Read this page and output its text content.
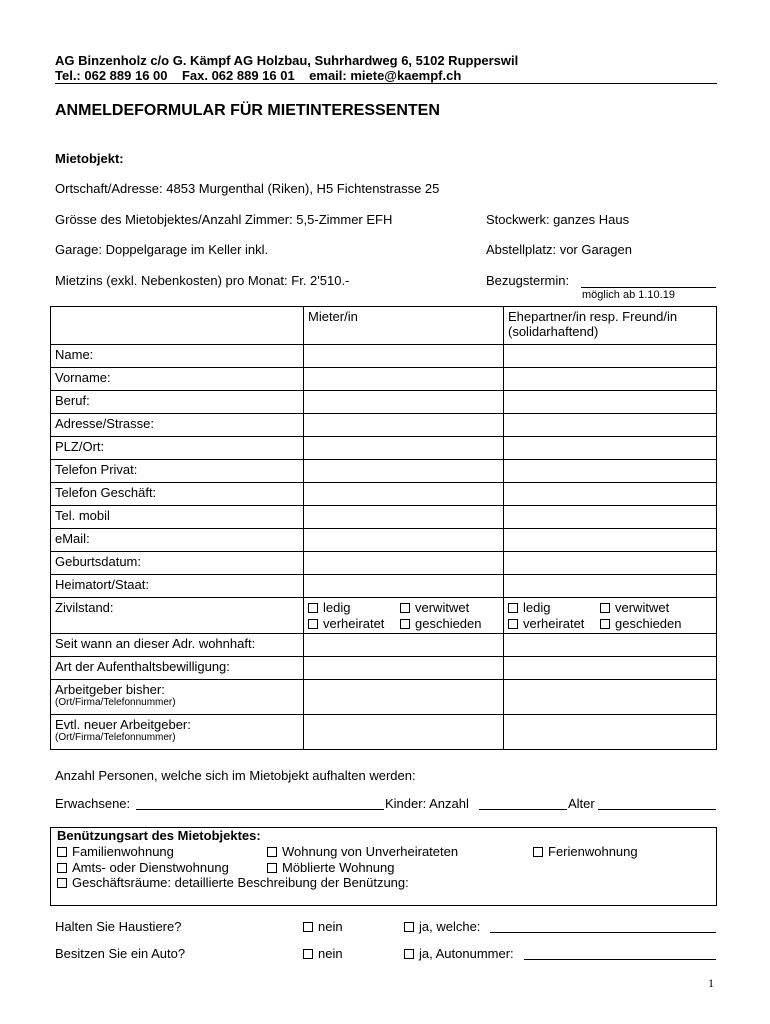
AG Binzenholz c/o G. Kämpf AG Holzbau, Suhrhardweg 6, 5102 Rupperswil
Tel.: 062 889 16 00    Fax. 062 889 16 01    email: miete@kaempf.ch
ANMELDEFORMULAR FÜR MIETINTERESSENTEN
Mietobjekt:
Ortschaft/Adresse: 4853 Murgenthal (Riken), H5 Fichtenstrasse 25
Grösse des Mietobjektes/Anzahl Zimmer: 5,5-Zimmer EFH	Stockwerk: ganzes Haus
Garage: Doppelgarage im Keller inkl.	Abstellplatz: vor Garagen
Mietzins (exkl. Nebenkosten) pro Monat: Fr. 2'510.-	Bezugstermin:
möglich ab 1.10.19
	Mieter/in	Ehepartner/in resp. Freund/in (solidarhaftend)
Name:		
Vorname:		
Beruf:		
Adresse/Strasse:		
PLZ/Ort:		
Telefon Privat:		
Telefon Geschäft:		
Tel. mobil		
eMail:		
Geburtsdatum:		
Heimatort/Staat:		
Zivilstand:	ledig verwitwet
verheiratet geschieden	ledig verwitwet
verheiratet geschieden

Seit wann an dieser Adr. wohnhaft:		
Art der Aufenthaltsbewilligung:		

Arbeitgeber bisher:
(Ort/Firma/Telefonnummer)		

Evtl. neuer Arbeitgeber:
(Ort/Firma/Telefonnummer)		

Anzahl Personen, welche sich im Mietobjekt aufhalten werden:
Erwachsene:	Kinder: Anzahl	Alter
Benützungsart des Mietobjektes:
Familienwohnung	Wohnung von Unverheirateten	Ferienwohnung
Amts- oder Dienstwohnung	Möblierte Wohnung
Geschäftsräume: detaillierte Beschreibung der Benützung:
Halten Sie Haustiere?	nein	ja, welche:
Besitzen Sie ein Auto?	nein	ja, Autonummer:
1
